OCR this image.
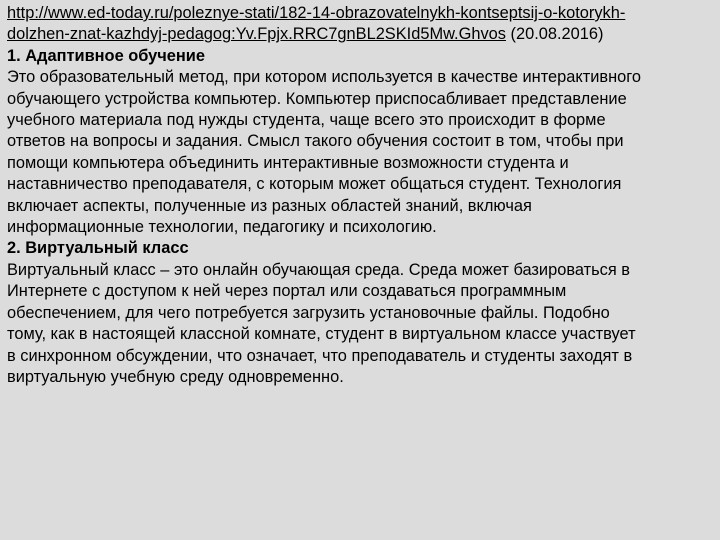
http://www.ed-today.ru/poleznye-stati/182-14-obrazovatelnykh-kontseptsij-o-kotorykh-
dolzhen-znat-kazhdyj-pedagog:Yv.Fpjx.RRC7gnBL2SKId5Mw.Ghvos (20.08.2016)
1. Адаптивное обучение
Это образовательный метод, при котором используется в качестве интерактивного
обучающего устройства компьютер. Компьютер приспосабливает представление
учебного материала под нужды студента, чаще всего это происходит в форме
ответов на вопросы и задания. Смысл такого обучения состоит в том, чтобы при
помощи компьютера объединить интерактивные возможности студента и
наставничество преподавателя, с которым может общаться студент. Технология
включает аспекты, полученные из разных областей знаний, включая
информационные технологии, педагогику и психологию.
2. Виртуальный класс
Виртуальный класс – это онлайн обучающая среда. Среда может базироваться в
Интернете с доступом к ней через портал или создаваться программным
обеспечением, для чего потребуется загрузить установочные файлы. Подобно
тому, как в настоящей классной комнате, студент в виртуальном классе участвует
в синхронном обсуждении, что означает, что преподаватель и студенты заходят в
виртуальную учебную среду одновременно.
